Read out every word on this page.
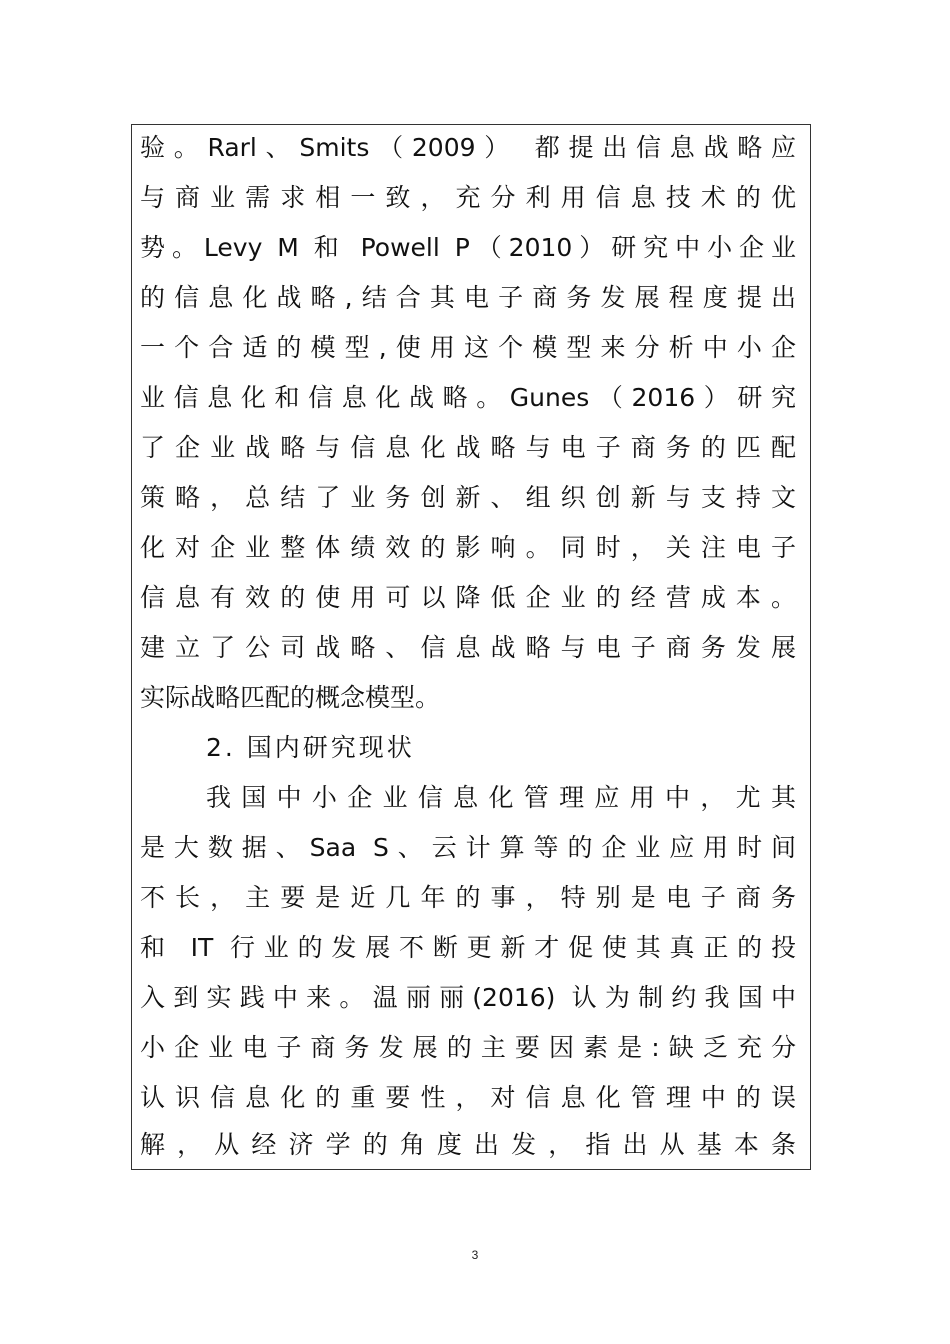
验。Rarl、Smits（2009） 都提出信息战略应
与商业需求相一致，充分利用信息技术的优
势。Levy M 和 Powell P（2010）研究中小企业
的信息化战略,结合其电子商务发展程度提出
一个合适的模型,使用这个模型来分析中小企
业信息化和信息化战略。Gunes（2016）研究
了企业战略与信息化战略与电子商务的匹配
策略，总结了业务创新、组织创新与支持文
化对企业整体绩效的影响。同时，关注电子
信息有效的使用可以降低企业的经营成本。
建立了公司战略、信息战略与电子商务发展
实际战略匹配的概念模型。
2. 国内研究现状
我国中小企业信息化管理应用中，尤其
是大数据、Saa S、云计算等的企业应用时间
不长，主要是近几年的事，特别是电子商务
和 IT 行业的发展不断更新才促使其真正的投
入到实践中来。温丽丽(2016) 认为制约我国中
小企业电子商务发展的主要因素是:缺乏充分
认识信息化的重要性，对信息化管理中的误
解，从经济学的角度出发，指出从基本条
3
